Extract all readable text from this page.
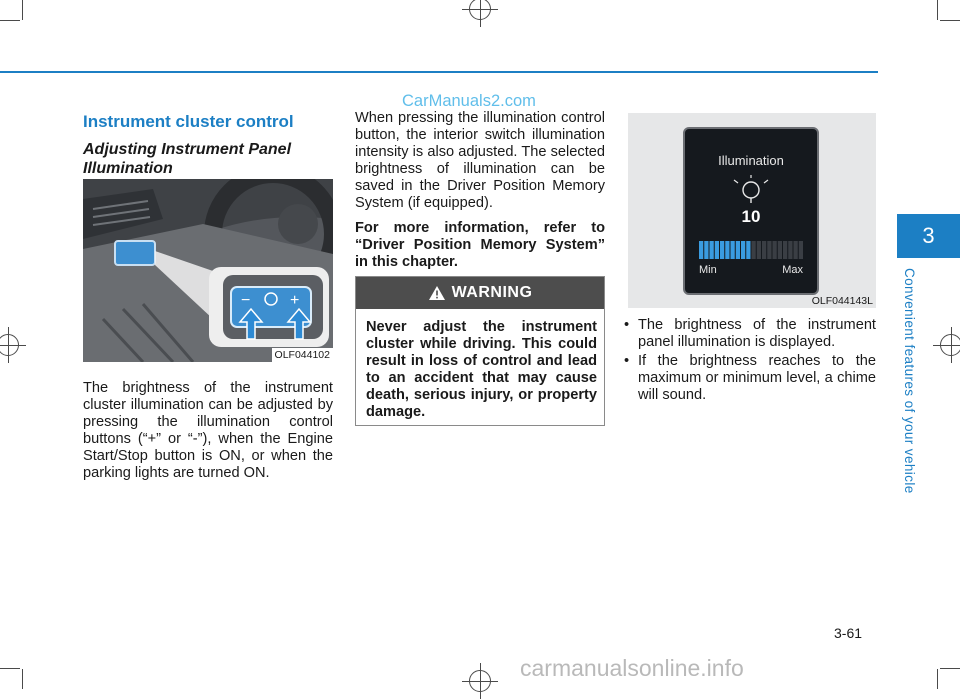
3
Convenient features of your vehicle
CarManuals2.com
Instrument cluster control
Adjusting Instrument Panel Illumination
− +
OLF044102

The brightness of the instrument cluster illumination can be adjusted by pressing the illumination control buttons (“+” or “-”), when the Engine Start/Stop button is ON, or when the parking lights are turned ON.

When pressing the illumination control button, the interior switch illumination intensity is also adjusted. The selected brightness of illumination can be saved in the Driver Position Memory System (if equipped).

For more information, refer to “Driver Position Memory System” in this chapter.

WARNING
Never adjust the instrument cluster while driving. This could result in loss of control and lead to an accident that may cause death, serious injury, or property damage.
Illumination
10
Min	Max
OLF044143L
• The brightness of the instrument panel illumination is displayed.
• If the brightness reaches to the maximum or minimum level, a chime will sound.
3-61
carmanualsonline.info
